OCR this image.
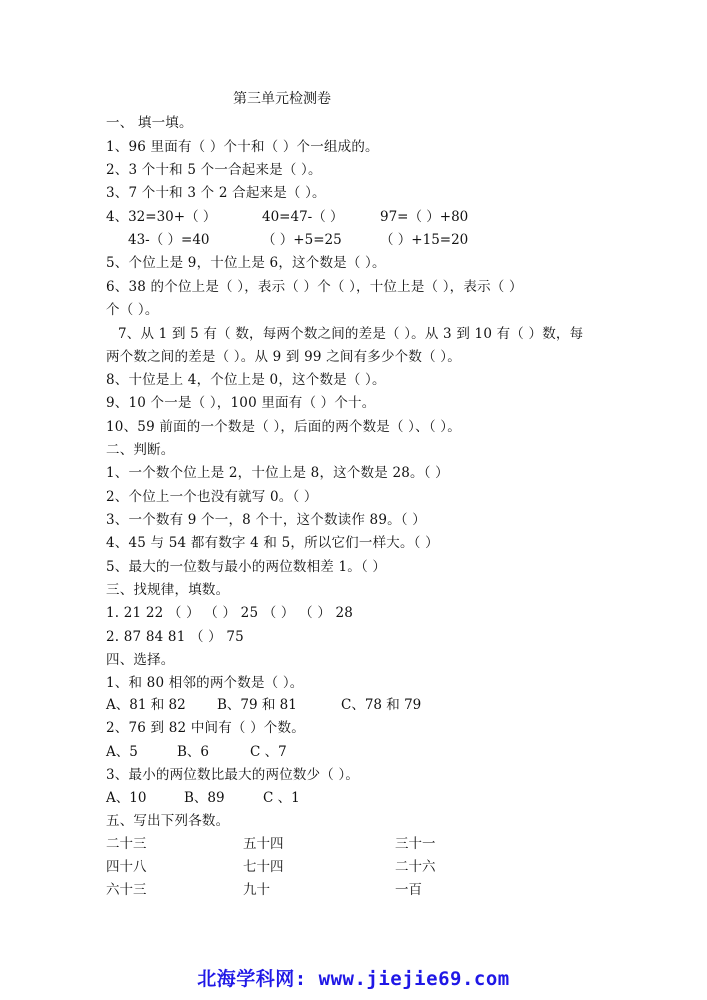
第三单元检测卷
一、 填一填。
1、96 里面有（ ）个十和（ ）个一组成的。
2、3 个十和 5 个一合起来是（ ）。
3、7 个十和 3 个 2 合起来是（ ）。
4、32=30+（ ）	40=47-（ ）	97=（ ）+80
43-（ ）=40	（ ）+5=25	（ ）+15=20
5、个位上是 9，十位上是 6，这个数是（ ）。
6、38 的个位上是（ ），表示（ ）个（ ），十位上是（ ），表示（ ）
个（ ）。
7、从 1 到 5 有（ 数，每两个数之间的差是（ ）。从 3 到 10 有（ ）数，每
两个数之间的差是（ ）。从 9 到 99 之间有多少个数（ ）。
8、十位是上 4，个位上是 0，这个数是（ ）。
9、10 个一是（ ），100 里面有（ ）个十。
10、59 前面的一个数是（ ），后面的两个数是（ ）、（ ）。
二、判断。
1、一个数个位上是 2，十位上是 8，这个数是 28。（ ）
2、个位上一个也没有就写 0。（ ）
3、一个数有 9 个一，8 个十，这个数读作 89。（ ）
4、45 与 54 都有数字 4 和 5，所以它们一样大。（ ）
5、最大的一位数与最小的两位数相差 1。（ ）
三、找规律，填数。
1. 21 22 （ ） （ ） 25 （ ） （ ） 28
2. 87 84 81 （ ） 75
四、选择。
1、和 80 相邻的两个数是（ ）。
A、81 和 82 B、79 和 81	C、78 和 79
2、76 到 82 中间有（ ）个数。
A、5	B、6	C 、7
3、最小的两位数比最大的两位数少（ ）。
A、10	B、89	C 、1
五、写出下列各数。
二十三	五十四	三十一
四十八	七十四	二十六
六十三	九十	一百
北海学科网: www.jiejie69.com
